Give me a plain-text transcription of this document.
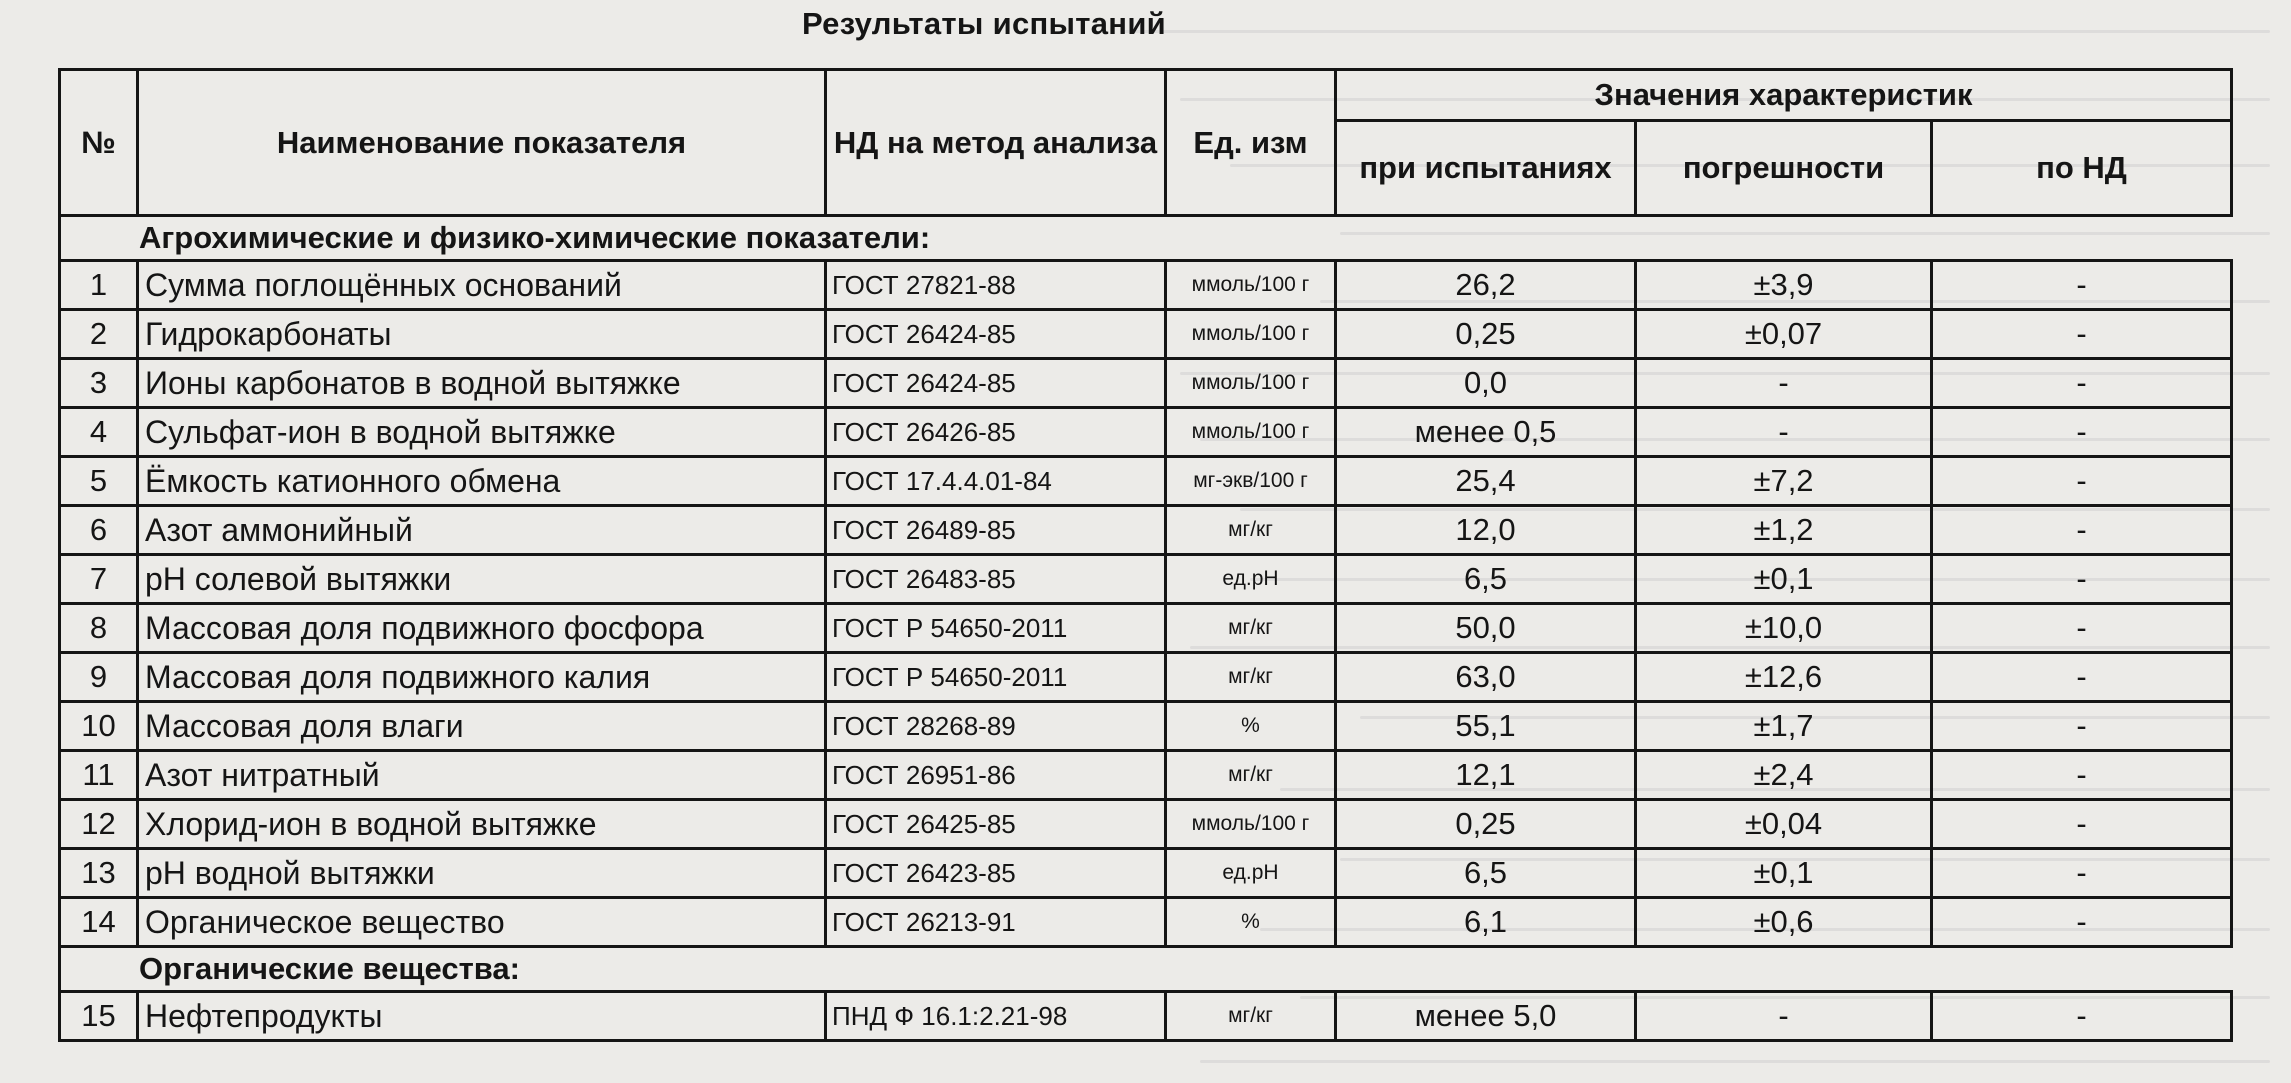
Результаты испытаний
№	Наименование показателя	НД на метод анализа	Ед. изм	Значения характеристик		
				при испытаниях	погрешности	по НД
Агрохимические и физико-химические показатели:						
1	Сумма поглощённых оснований	ГОСТ 27821-88	ммоль/100 г	26,2	±3,9	-
2	Гидрокарбонаты	ГОСТ 26424-85	ммоль/100 г	0,25	±0,07	-
3	Ионы карбонатов в водной вытяжке	ГОСТ 26424-85	ммоль/100 г	0,0	-	-
4	Сульфат-ион в водной вытяжке	ГОСТ 26426-85	ммоль/100 г	менее 0,5	-	-
5	Ёмкость катионного обмена	ГОСТ 17.4.4.01-84	мг-экв/100 г	25,4	±7,2	-
6	Азот аммонийный	ГОСТ 26489-85	мг/кг	12,0	±1,2	-
7	pH солевой вытяжки	ГОСТ 26483-85	ед.pH	6,5	±0,1	-
8	Массовая доля подвижного фосфора	ГОСТ Р 54650-2011	мг/кг	50,0	±10,0	-
9	Массовая доля подвижного калия	ГОСТ Р 54650-2011	мг/кг	63,0	±12,6	-
10	Массовая доля влаги	ГОСТ 28268-89	%	55,1	±1,7	-
11	Азот нитратный	ГОСТ 26951-86	мг/кг	12,1	±2,4	-
12	Хлорид-ион в водной вытяжке	ГОСТ 26425-85	ммоль/100 г	0,25	±0,04	-
13	pH водной вытяжки	ГОСТ 26423-85	ед.pH	6,5	±0,1	-
14	Органическое вещество	ГОСТ 26213-91	%	6,1	±0,6	-
Органические вещества:						
15	Нефтепродукты	ПНД Ф 16.1:2.21-98	мг/кг	менее 5,0	-	-
